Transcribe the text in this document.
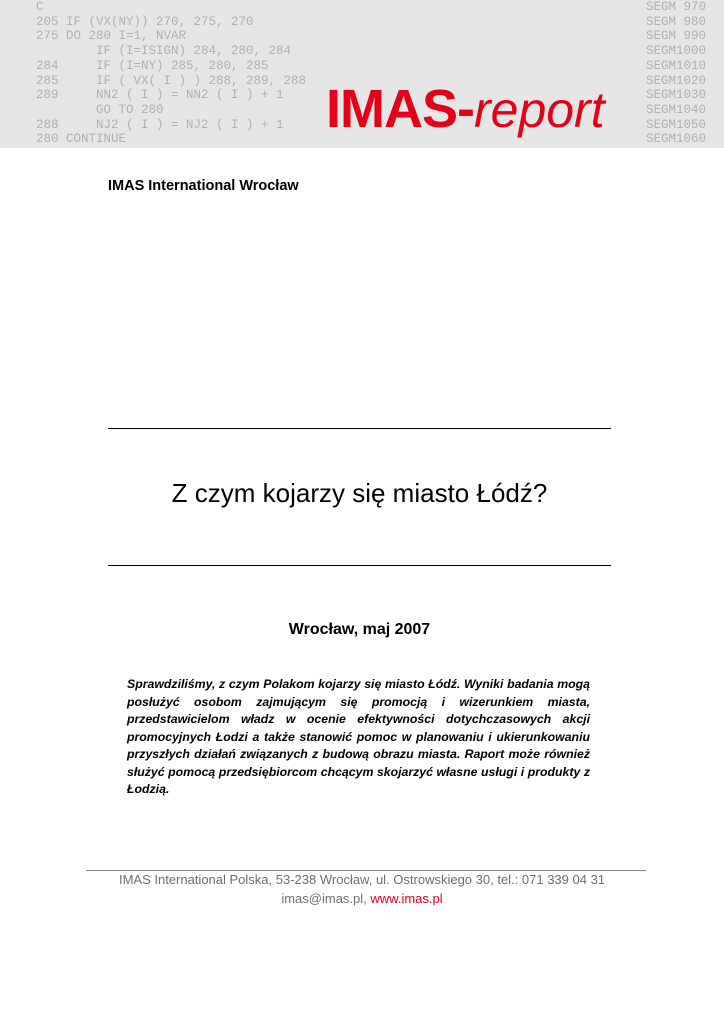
C
205 IF (VX(NY)) 270, 275, 270
275 DO 280 I=1, NVAR
IF (I=ISIGN) 284, 280, 284
284     IF (I=NY) 285, 280, 285
285     IF ( VX( I ) ) 288, 289, 288
289     NN2 ( I ) = NN2 ( I ) + 1
GO TO 280
288     NJ2 ( I ) = NJ2 ( I ) + 1
280 CONTINUE
SEGM 970
SEGM 980
SEGM 990
SEGM1000
SEGM1010
SEGM1020
SEGM1030
SEGM1040
SEGM1050
SEGM1060
IMAS-report
IMAS International Wrocław
Z czym kojarzy się miasto Łódź?
Wrocław, maj 2007

Sprawdziliśmy, z czym Polakom kojarzy się miasto Łódź. Wyniki badania mogą posłużyć osobom zajmującym się promocją i wizerunkiem miasta, przedstawicielom władz w ocenie efektywności dotychczasowych akcji promocyjnych Łodzi a także stanowić pomoc w planowaniu i ukierunkowaniu przyszłych działań związanych z budową obrazu miasta. Raport może również służyć pomocą przedsiębiorcom chcącym skojarzyć własne usługi i produkty z Łodzią.

IMAS International Polska, 53-238 Wrocław, ul. Ostrowskiego 30, tel.: 071 339 04 31
imas@imas.pl, www.imas.pl
